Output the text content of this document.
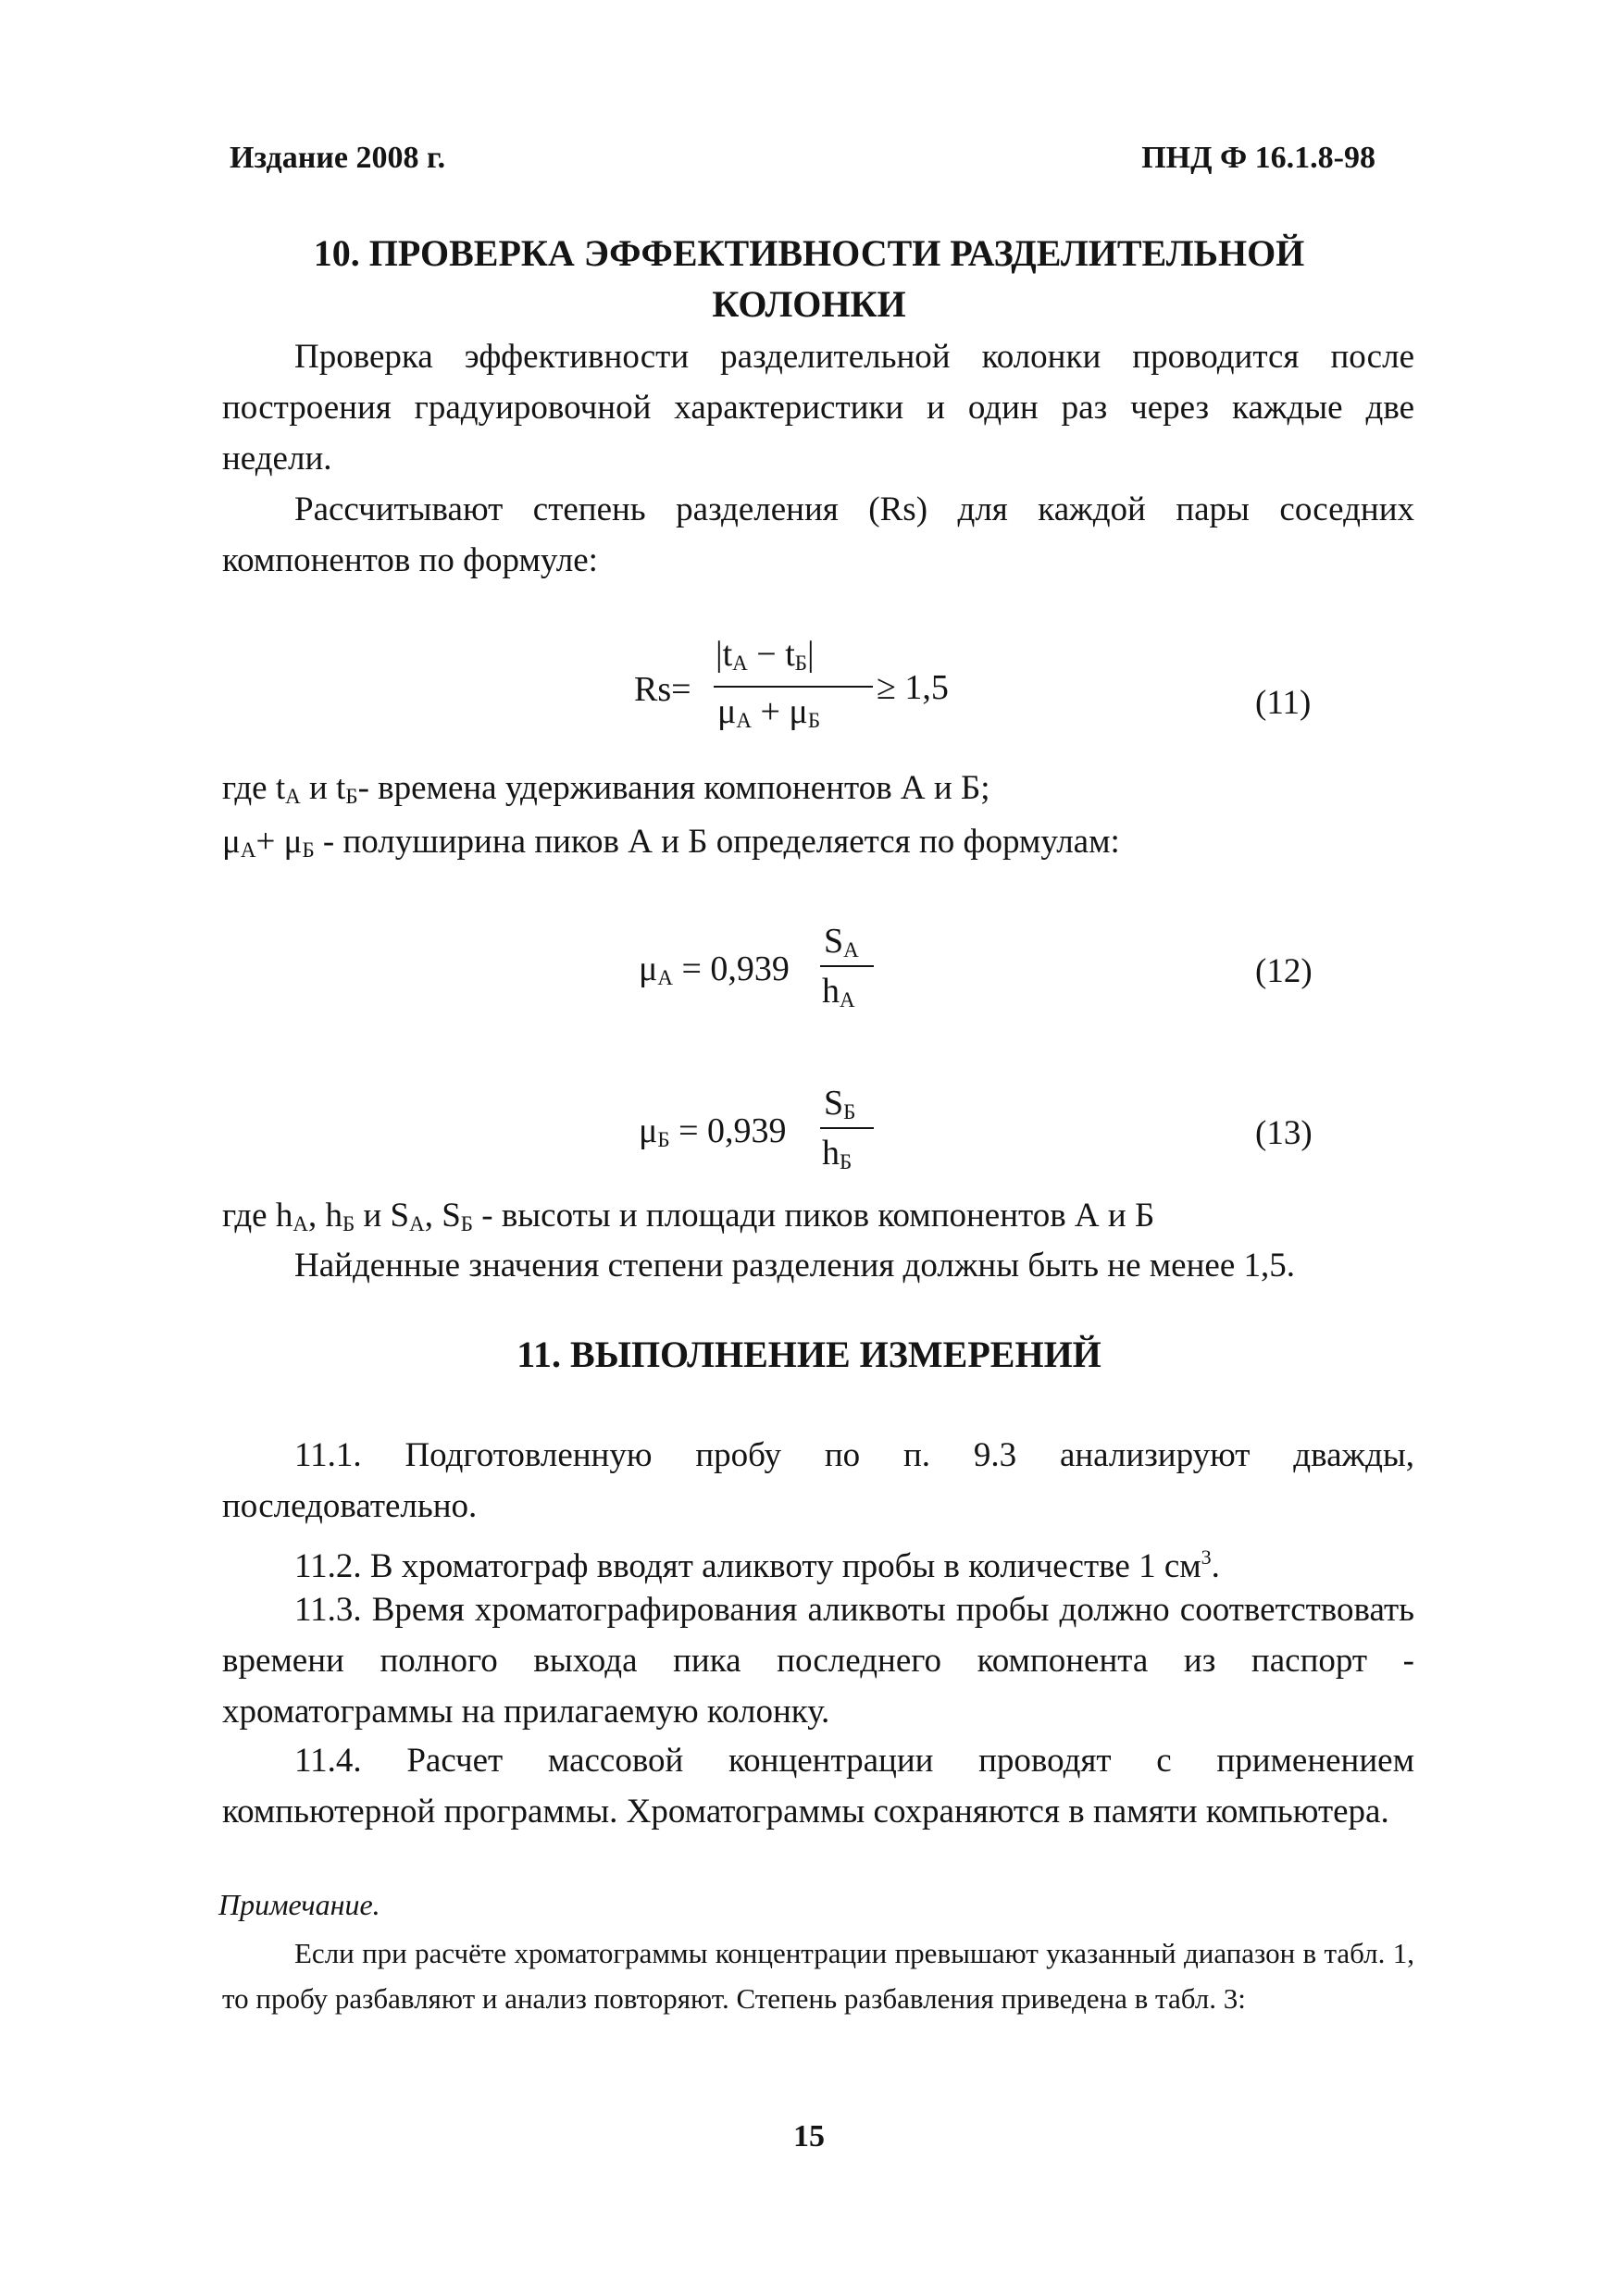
Издание 2008 г.	ПНД Ф 16.1.8-98
10. ПРОВЕРКА ЭФФЕКТИВНОСТИ РАЗДЕЛИТЕЛЬНОЙ
КОЛОНКИ
Проверка эффективности разделительной колонки проводится после построения градуировочной характеристики и один раз через каждые две недели.
Рассчитывают степень разделения (Rs) для каждой пары соседних компонентов по формуле:
Rs=
$|t_A - t_Б|$
$\mu_A + \mu_Б$
≥ 1,5	(11)
где $t_A$ и $t_Б-$ времена удерживания компонентов А и Б;
$\mu_A+ \mu_Б$ - полуширина пиков А и Б определяется по формулам:
$\mu_A = 0,939$
$S_A$
$h_A$
(12)
$\mu_Б = 0,939$
$S_Б$
$h_Б$
(13)
где $h_A$, $h_Б$ и $S_A$, $S_Б$ - высоты и площади пиков компонентов А и Б
Найденные значения степени разделения должны быть не менее 1,5.
11. ВЫПОЛНЕНИЕ ИЗМЕРЕНИЙ
11.1. Подготовленную пробу по п. 9.3 анализируют дважды, последовательно.
11.2. В хроматограф вводят аликвоту пробы в количестве 1 $см^3$.
11.3. Время хроматографирования аликвоты пробы должно соответствовать времени полного выхода пика последнего компонента из паспорт - хроматограммы на прилагаемую колонку.
11.4. Расчет массовой концентрации проводят с применением компьютерной программы. Хроматограммы сохраняются в памяти компьютера.
Примечание.
Если при расчёте хроматограммы концентрации превышают указанный диапазон в табл. 1, то пробу разбавляют и анализ повторяют. Степень разбавления приведена в табл. 3:
15
